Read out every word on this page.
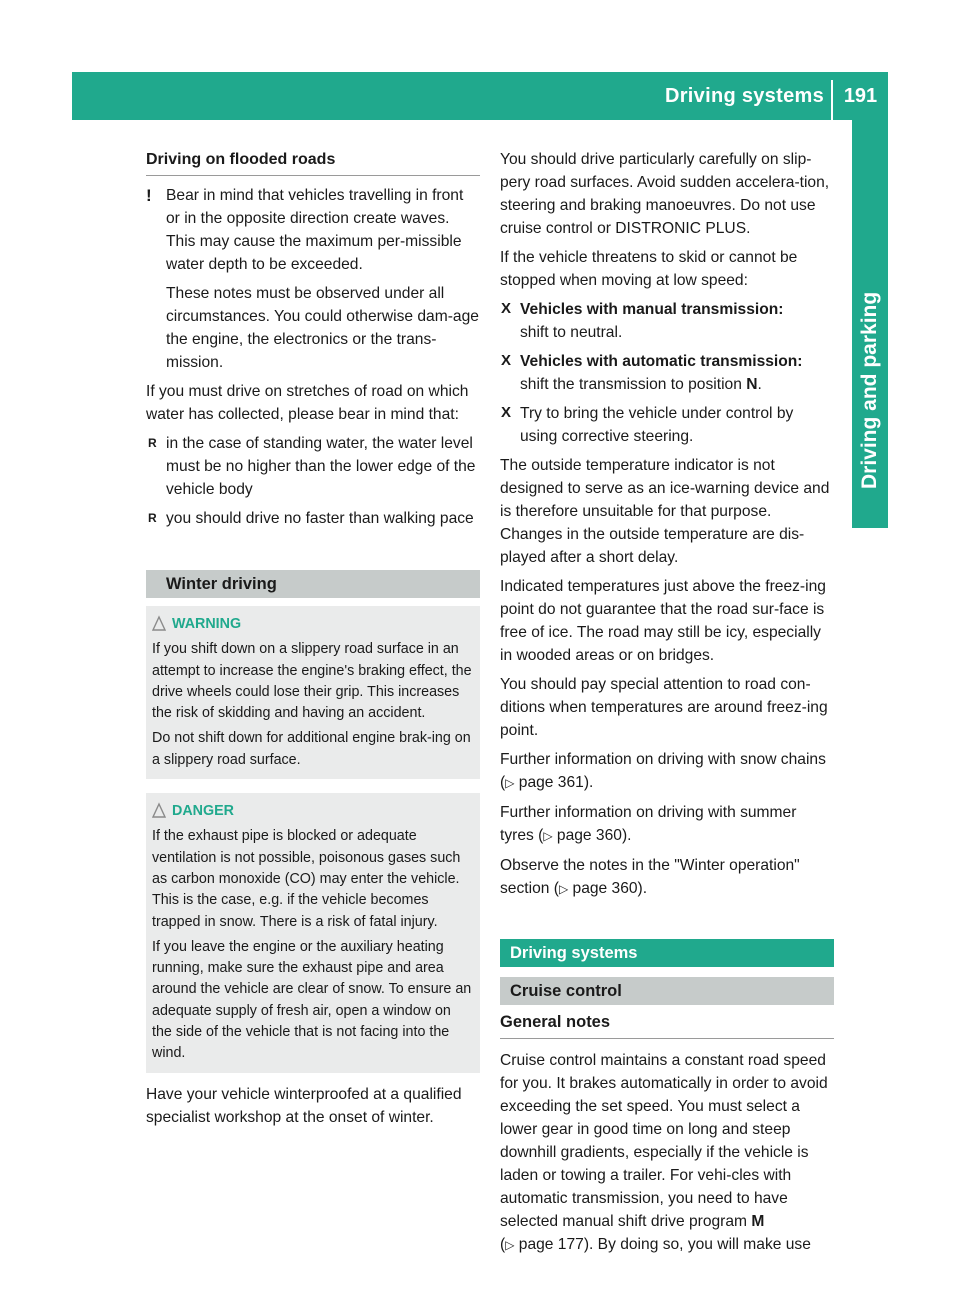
Driving systems 191
Driving and parking

Driving on flooded roads

! Bear in mind that vehicles travelling in front or in the opposite direction create waves. This may cause the maximum per-missible water depth to be exceeded.

These notes must be observed under all circumstances. You could otherwise dam-age the engine, the electronics or the trans-mission.

If you must drive on stretches of road on which water has collected, please bear in mind that:

R in the case of standing water, the water level must be no higher than the lower edge of the vehicle body

R you should drive no faster than walking pace

Winter driving
WARNING

If you shift down on a slippery road surface in an attempt to increase the engine's braking effect, the drive wheels could lose their grip. This increases the risk of skidding and having an accident.

Do not shift down for additional engine brak-ing on a slippery road surface.

DANGER

If the exhaust pipe is blocked or adequate ventilation is not possible, poisonous gases such as carbon monoxide (CO) may enter the vehicle. This is the case, e.g. if the vehicle becomes trapped in snow. There is a risk of fatal injury.

If you leave the engine or the auxiliary heating running, make sure the exhaust pipe and area around the vehicle are clear of snow. To ensure an adequate supply of fresh air, open a window on the side of the vehicle that is not facing into the wind.

Have your vehicle winterproofed at a qualified specialist workshop at the onset of winter.

You should drive particularly carefully on slip-pery road surfaces. Avoid sudden accelera-tion, steering and braking manoeuvres. Do not use cruise control or DISTRONIC PLUS.

If the vehicle threatens to skid or cannot be stopped when moving at low speed:

X Vehicles with manual transmission:
shift to neutral.

X Vehicles with automatic transmission:
shift the transmission to position N.

X Try to bring the vehicle under control by using corrective steering.

The outside temperature indicator is not designed to serve as an ice-warning device and is therefore unsuitable for that purpose. Changes in the outside temperature are dis-played after a short delay.

Indicated temperatures just above the freez-ing point do not guarantee that the road sur-face is free of ice. The road may still be icy, especially in wooded areas or on bridges.

You should pay special attention to road con-ditions when temperatures are around freez-ing point.

Further information on driving with snow chains (▷ page 361).

Further information on driving with summer tyres (▷ page 360).

Observe the notes in the "Winter operation" section (▷ page 360).

Driving systems
Cruise control

General notes

Cruise control maintains a constant road speed for you. It brakes automatically in order to avoid exceeding the set speed. You must select a lower gear in good time on long and steep downhill gradients, especially if the vehicle is laden or towing a trailer. For vehi-cles with automatic transmission, you need to have selected manual shift drive program M
(▷ page 177). By doing so, you will make use
